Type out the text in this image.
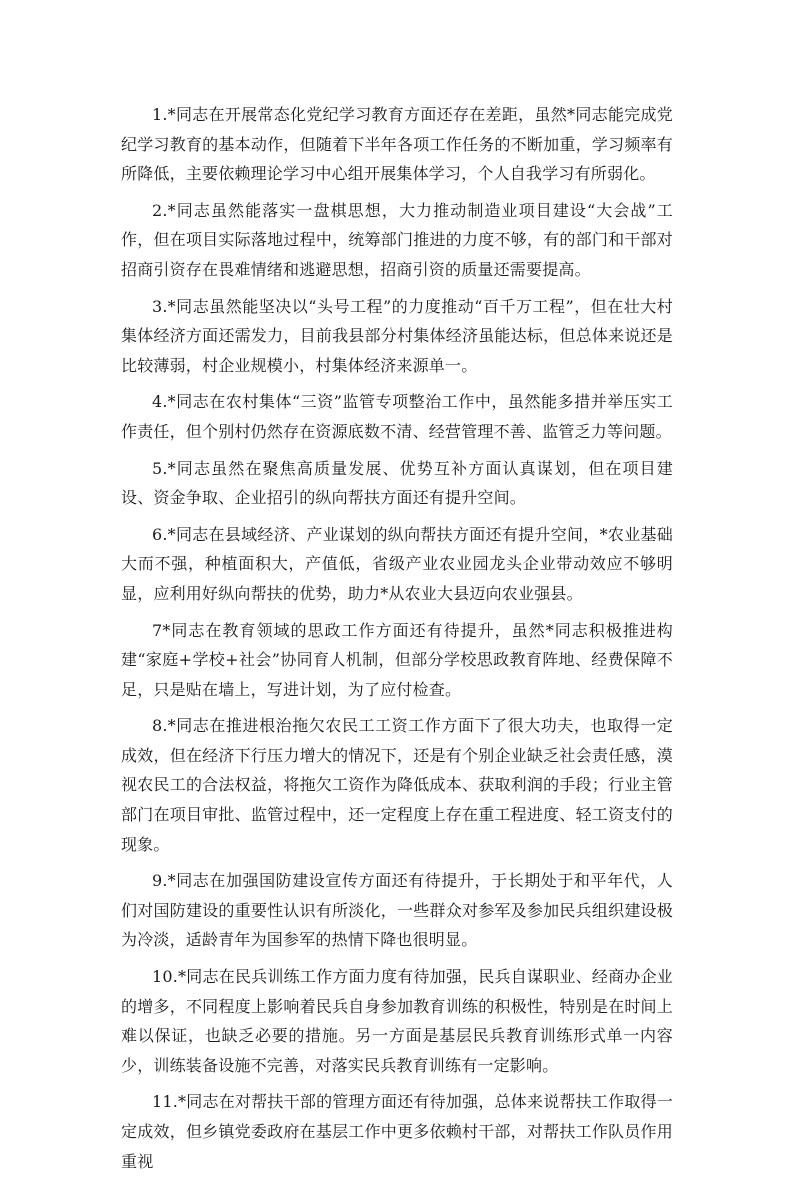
1.*同志在开展常态化党纪学习教育方面还存在差距，虽然*同志能完成党纪学习教育的基本动作，但随着下半年各项工作任务的不断加重，学习频率有所降低，主要依赖理论学习中心组开展集体学习，个人自我学习有所弱化。

2.*同志虽然能落实一盘棋思想，大力推动制造业项目建设“大会战”工作，但在项目实际落地过程中，统筹部门推进的力度不够，有的部门和干部对招商引资存在畏难情绪和逃避思想，招商引资的质量还需要提高。

3.*同志虽然能坚决以“头号工程”的力度推动“百千万工程”，但在壮大村集体经济方面还需发力，目前我县部分村集体经济虽能达标，但总体来说还是比较薄弱，村企业规模小，村集体经济来源单一。

4.*同志在农村集体“三资”监管专项整治工作中，虽然能多措并举压实工作责任，但个别村仍然存在资源底数不清、经营管理不善、监管乏力等问题。

5.*同志虽然在聚焦高质量发展、优势互补方面认真谋划，但在项目建设、资金争取、企业招引的纵向帮扶方面还有提升空间。

6.*同志在县域经济、产业谋划的纵向帮扶方面还有提升空间，*农业基础大而不强，种植面积大，产值低，省级产业农业园龙头企业带动效应不够明显，应利用好纵向帮扶的优势，助力*从农业大县迈向农业强县。

7*同志在教育领域的思政工作方面还有待提升，虽然*同志积极推进构建“家庭+学校+社会”协同育人机制，但部分学校思政教育阵地、经费保障不足，只是贴在墙上，写进计划，为了应付检查。

8.*同志在推进根治拖欠农民工工资工作方面下了很大功夫，也取得一定成效，但在经济下行压力增大的情况下，还是有个别企业缺乏社会责任感，漠视农民工的合法权益，将拖欠工资作为降低成本、获取利润的手段；行业主管部门在项目审批、监管过程中，还一定程度上存在重工程进度、轻工资支付的现象。

9.*同志在加强国防建设宣传方面还有待提升，于长期处于和平年代，人们对国防建设的重要性认识有所淡化，一些群众对参军及参加民兵组织建设极为冷淡，适龄青年为国参军的热情下降也很明显。

10.*同志在民兵训练工作方面力度有待加强，民兵自谋职业、经商办企业的增多，不同程度上影响着民兵自身参加教育训练的积极性，特别是在时间上难以保证，也缺乏必要的措施。另一方面是基层民兵教育训练形式单一内容少，训练装备设施不完善，对落实民兵教育训练有一定影响。

11.*同志在对帮扶干部的管理方面还有待加强，总体来说帮扶工作取得一定成效，但乡镇党委政府在基层工作中更多依赖村干部，对帮扶工作队员作用重视
